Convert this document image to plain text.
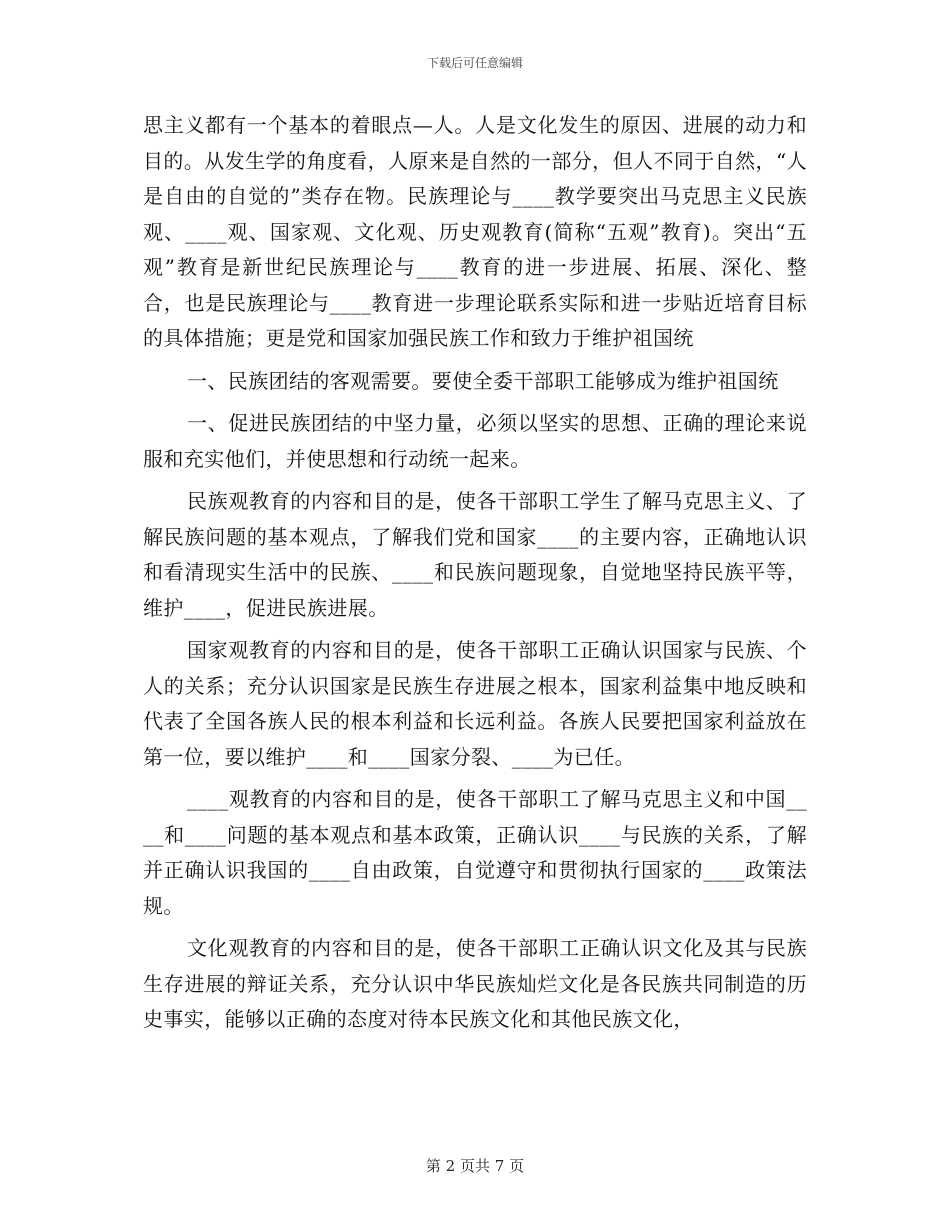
下载后可任意编辑

思主义都有一个基本的着眼点—人。人是文化发生的原因、进展的动力和目的。从发生学的角度看，人原来是自然的一部分，但人不同于自然，“人是自由的自觉的”类存在物。民族理论与____教学要突出马克思主义民族观、____观、国家观、文化观、历史观教育(简称“五观”教育)。突出“五观”教育是新世纪民族理论与____教育的进一步进展、拓展、深化、整合，也是民族理论与____教育进一步理论联系实际和进一步贴近培育目标的具体措施；更是党和国家加强民族工作和致力于维护祖国统

一、民族团结的客观需要。要使全委干部职工能够成为维护祖国统

一、促进民族团结的中坚力量，必须以坚实的思想、正确的理论来说服和充实他们，并使思想和行动统一起来。

民族观教育的内容和目的是，使各干部职工学生了解马克思主义、了解民族问题的基本观点，了解我们党和国家____的主要内容，正确地认识和看清现实生活中的民族、____和民族问题现象，自觉地坚持民族平等，维护____，促进民族进展。

国家观教育的内容和目的是，使各干部职工正确认识国家与民族、个人的关系；充分认识国家是民族生存进展之根本，国家利益集中地反映和代表了全国各族人民的根本利益和长远利益。各族人民要把国家利益放在第一位，要以维护____和____国家分裂、____为已任。

____观教育的内容和目的是，使各干部职工了解马克思主义和中国____和____问题的基本观点和基本政策，正确认识____与民族的关系，了解并正确认识我国的____自由政策，自觉遵守和贯彻执行国家的____政策法规。

文化观教育的内容和目的是，使各干部职工正确认识文化及其与民族生存进展的辩证关系，充分认识中华民族灿烂文化是各民族共同制造的历史事实，能够以正确的态度对待本民族文化和其他民族文化，

第 2 页共 7 页
